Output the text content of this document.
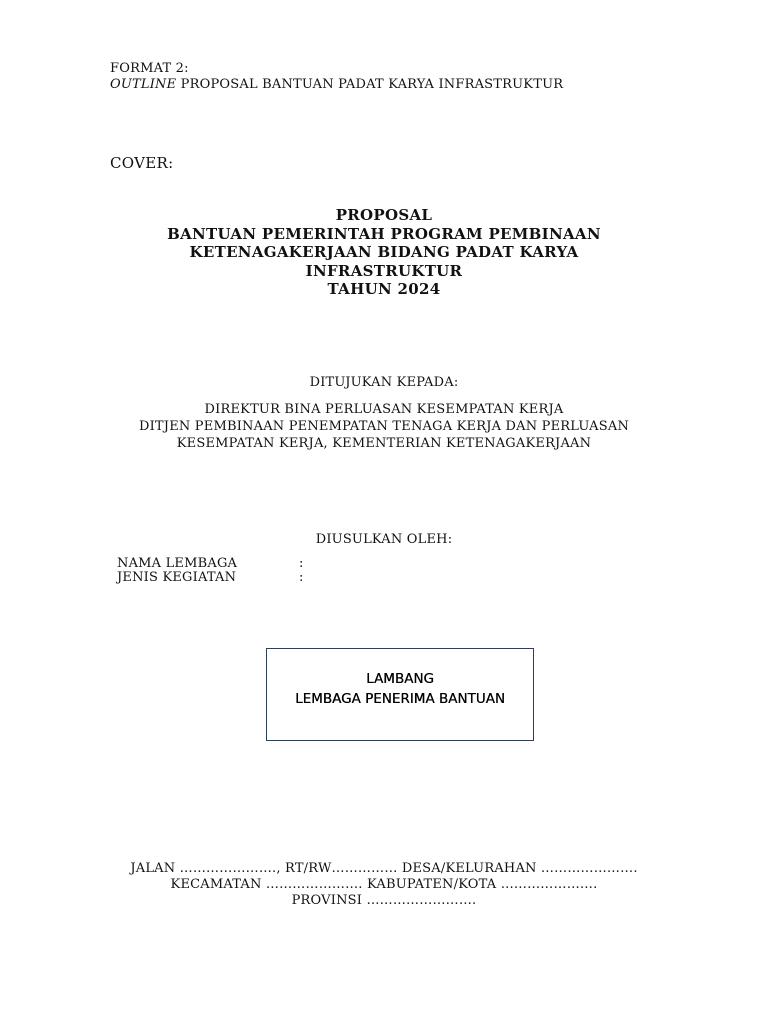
FORMAT 2:
OUTLINE PROPOSAL BANTUAN PADAT KARYA INFRASTRUKTUR
COVER:
PROPOSAL
BANTUAN PEMERINTAH PROGRAM PEMBINAAN
KETENAGAKERJAAN BIDANG PADAT KARYA
INFRASTRUKTUR
TAHUN 2024
DITUJUKAN KEPADA:
DIREKTUR BINA PERLUASAN KESEMPATAN KERJA
DITJEN PEMBINAAN PENEMPATAN TENAGA KERJA DAN PERLUASAN
KESEMPATAN KERJA, KEMENTERIAN KETENAGAKERJAAN
DIUSULKAN OLEH:
NAMA LEMBAGA	:
JENIS KEGIATAN	:
LAMBANG
LEMBAGA PENERIMA BANTUAN
JALAN …………………., RT/RW…………… DESA/KELURAHAN ………………….
KECAMATAN …………………. KABUPATEN/KOTA ………………….
PROVINSI …………………….
